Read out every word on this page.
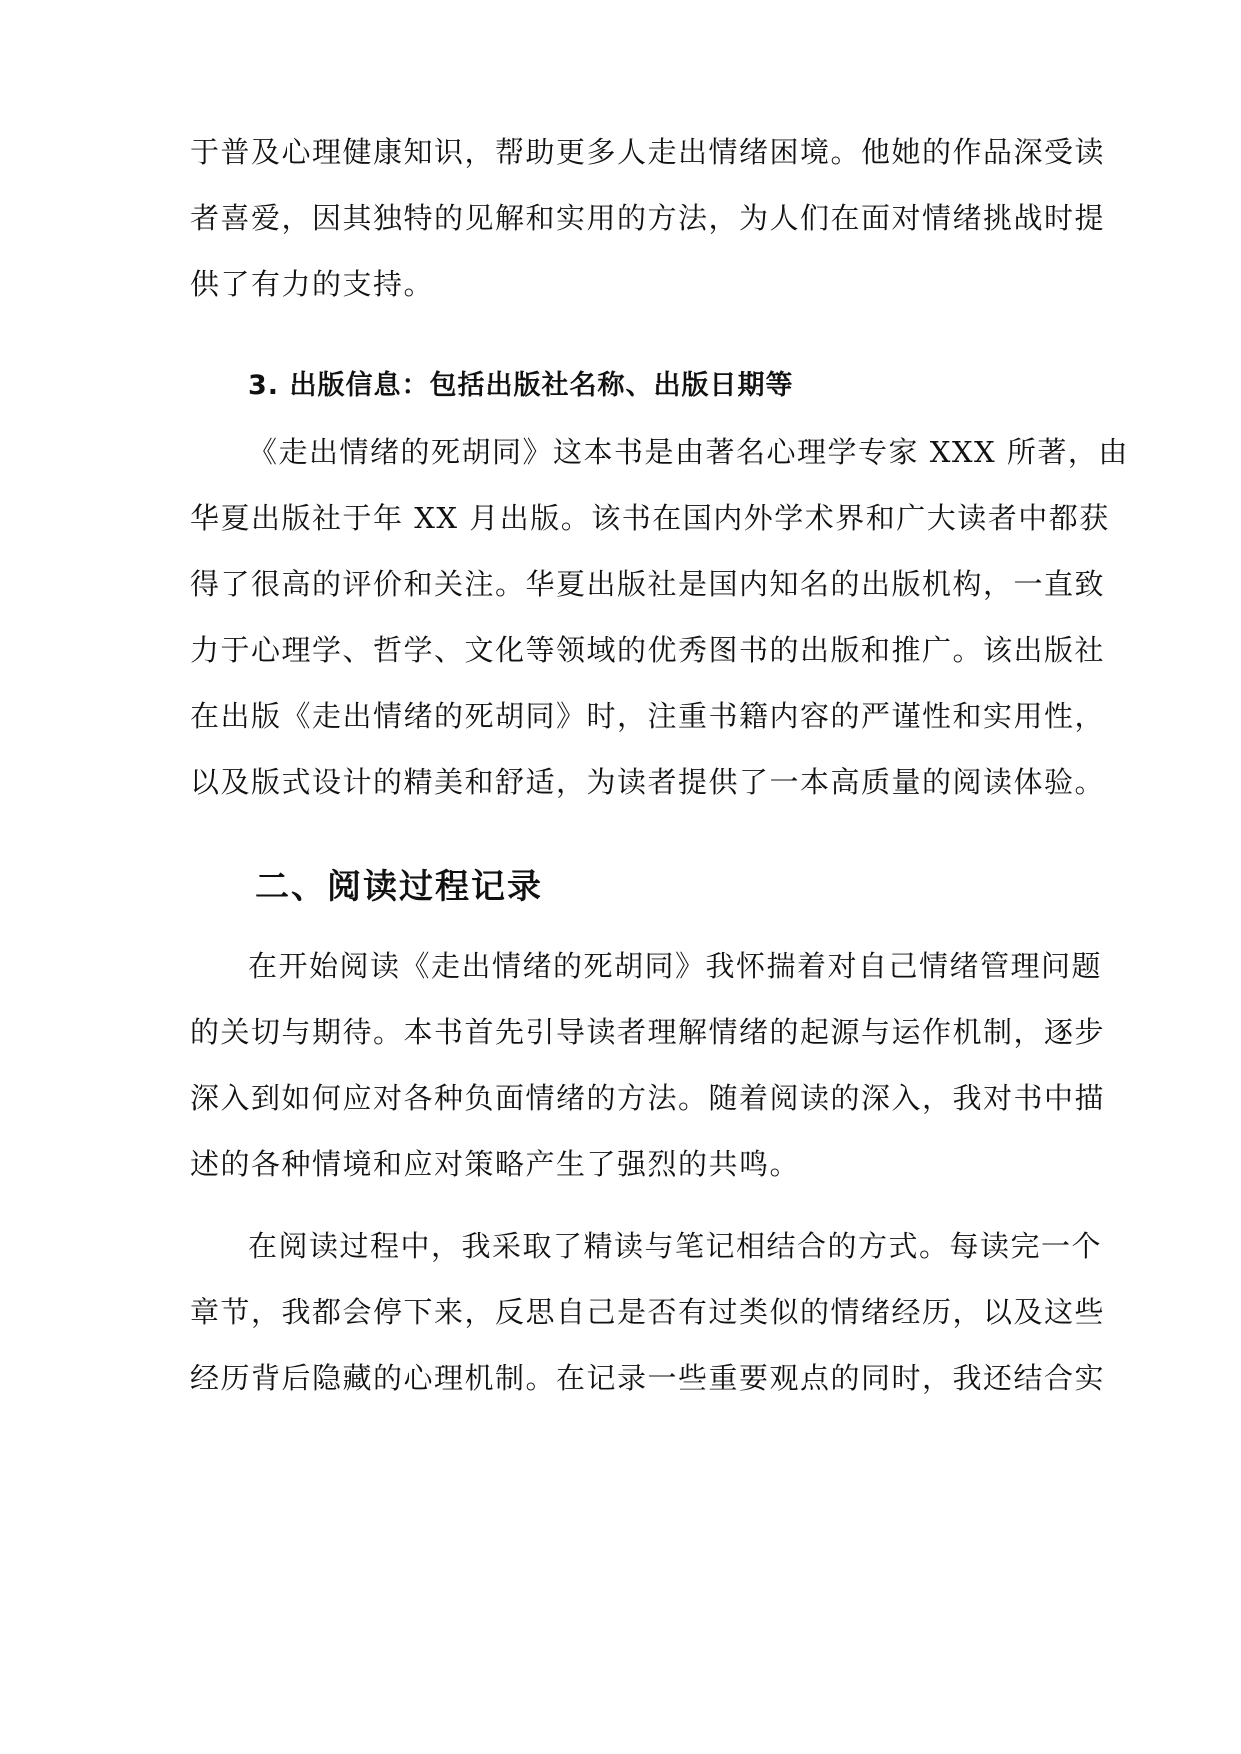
于普及心理健康知识，帮助更多人走出情绪困境。他她的作品深受读
者喜爱，因其独特的见解和实用的方法，为人们在面对情绪挑战时提
供了有力的支持。
3. 出版信息：包括出版社名称、出版日期等
《走出情绪的死胡同》这本书是由著名心理学专家 XXX 所著，由
华夏出版社于年 XX 月出版。该书在国内外学术界和广大读者中都获
得了很高的评价和关注。华夏出版社是国内知名的出版机构，一直致
力于心理学、哲学、文化等领域的优秀图书的出版和推广。该出版社
在出版《走出情绪的死胡同》时，注重书籍内容的严谨性和实用性，
以及版式设计的精美和舒适，为读者提供了一本高质量的阅读体验。
二、阅读过程记录
在开始阅读《走出情绪的死胡同》我怀揣着对自己情绪管理问题
的关切与期待。本书首先引导读者理解情绪的起源与运作机制，逐步
深入到如何应对各种负面情绪的方法。随着阅读的深入，我对书中描
述的各种情境和应对策略产生了强烈的共鸣。
在阅读过程中，我采取了精读与笔记相结合的方式。每读完一个
章节，我都会停下来，反思自己是否有过类似的情绪经历，以及这些
经历背后隐藏的心理机制。在记录一些重要观点的同时，我还结合实
